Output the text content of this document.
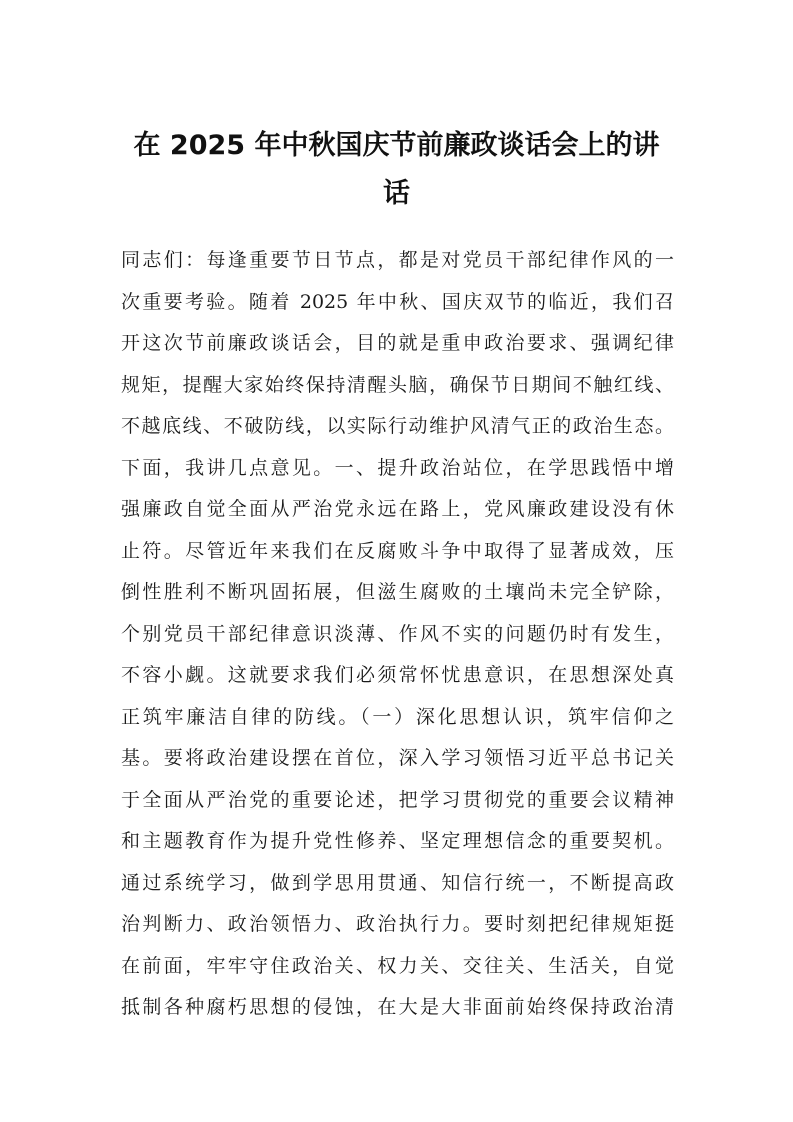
在 2025 年中秋国庆节前廉政谈话会上的讲
话
同志们：每逢重要节日节点，都是对党员干部纪律作风的一
次重要考验。随着 2025 年中秋、国庆双节的临近，我们召
开这次节前廉政谈话会，目的就是重申政治要求、强调纪律
规矩，提醒大家始终保持清醒头脑，确保节日期间不触红线、
不越底线、不破防线，以实际行动维护风清气正的政治生态。
下面，我讲几点意见。一、提升政治站位，在学思践悟中增
强廉政自觉全面从严治党永远在路上，党风廉政建设没有休
止符。尽管近年来我们在反腐败斗争中取得了显著成效，压
倒性胜利不断巩固拓展，但滋生腐败的土壤尚未完全铲除，
个别党员干部纪律意识淡薄、作风不实的问题仍时有发生，
不容小觑。这就要求我们必须常怀忧患意识，在思想深处真
正筑牢廉洁自律的防线。（一）深化思想认识，筑牢信仰之
基。要将政治建设摆在首位，深入学习领悟习近平总书记关
于全面从严治党的重要论述，把学习贯彻党的重要会议精神
和主题教育作为提升党性修养、坚定理想信念的重要契机。
通过系统学习，做到学思用贯通、知信行统一，不断提高政
治判断力、政治领悟力、政治执行力。要时刻把纪律规矩挺
在前面，牢牢守住政治关、权力关、交往关、生活关，自觉
抵制各种腐朽思想的侵蚀，在大是大非面前始终保持政治清
